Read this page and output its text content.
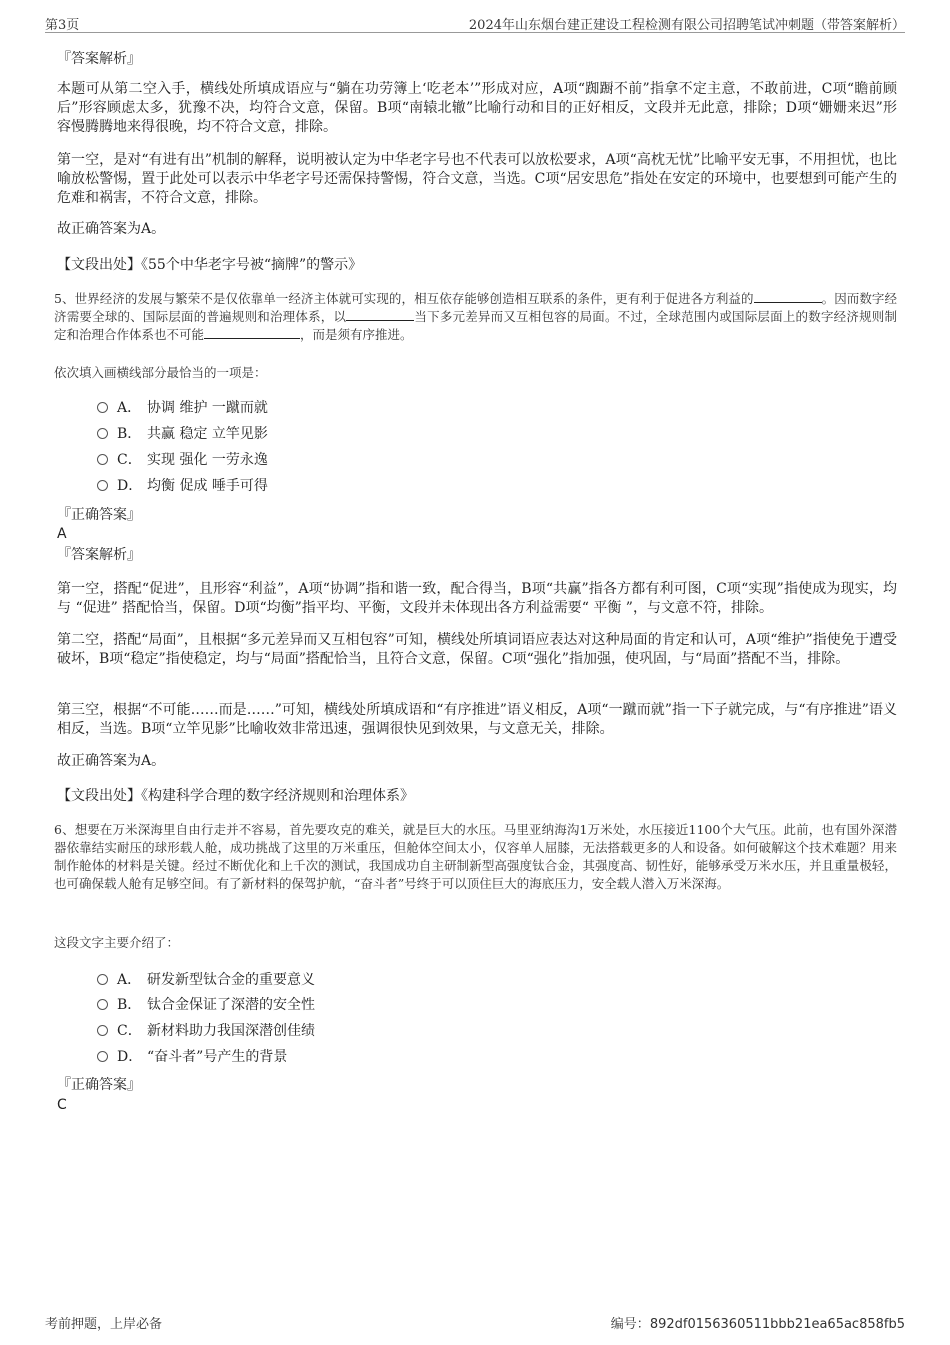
第3页	2024年山东烟台建正建设工程检测有限公司招聘笔试冲刺题（带答案解析）
『答案解析』

本题可从第二空入手，横线处所填成语应与“躺在功劳簿上‘吃老本’”形成对应，A项“踟蹰不前”指拿不定主意，不敢前进，C项“瞻前顾后”形容顾虑太多，犹豫不决，均符合文意，保留。B项“南辕北辙”比喻行动和目的正好相反，文段并无此意，排除；D项“姗姗来迟”形容慢腾腾地来得很晚，均不符合文意，排除。

第一空，是对“有进有出”机制的解释，说明被认定为中华老字号也不代表可以放松要求，A项“高枕无忧”比喻平安无事，不用担忧，也比喻放松警惕，置于此处可以表示中华老字号还需保持警惕，符合文意，当选。C项“居安思危”指处在安定的环境中，也要想到可能产生的危难和祸害，不符合文意，排除。

故正确答案为A。
【文段出处】《55个中华老字号被“摘牌”的警示》

5、世界经济的发展与繁荣不是仅依靠单一经济主体就可实现的，相互依存能够创造相互联系的条件，更有利于促进各方利益的	。因而数字经济需要全球的、国际层面的普遍规则和治理体系，以	当下多元差异而又互相包容的局面。不过，全球范围内或国际层面上的数字经济规则制定和治理合作体系也不可能	，而是须有序推进。

依次填入画横线部分最恰当的一项是：
A． 协调 维护 一蹴而就
B． 共赢 稳定 立竿见影
C． 实现 强化 一劳永逸
D． 均衡 促成 唾手可得
『正确答案』
A
『答案解析』

第一空，搭配“促进”，且形容“利益”，A项“协调”指和谐一致，配合得当，B项“共赢”指各方都有利可图，C项“实现”指使成为现实，均与 “促进” 搭配恰当，保留。D项“均衡”指平均、平衡，文段并未体现出各方利益需要“ 平衡 ”，与文意不符，排除。

第二空，搭配“局面”，且根据“多元差异而又互相包容”可知，横线处所填词语应表达对这种局面的肯定和认可，A项“维护”指使免于遭受破坏，B项“稳定”指使稳定，均与“局面”搭配恰当，且符合文意，保留。C项“强化”指加强，使巩固，与“局面”搭配不当，排除。

第三空，根据“不可能……而是……”可知，横线处所填成语和“有序推进”语义相反，A项“一蹴而就”指一下子就完成，与“有序推进”语义相反，当选。B项“立竿见影”比喻收效非常迅速，强调很快见到效果，与文意无关，排除。

故正确答案为A。
【文段出处】《构建科学合理的数字经济规则和治理体系》

6、想要在万米深海里自由行走并不容易，首先要攻克的难关，就是巨大的水压。马里亚纳海沟1万米处，水压接近1100个大气压。此前，也有国外深潜器依靠结实耐压的球形载人舱，成功挑战了这里的万米重压，但舱体空间太小，仅容单人屈膝，无法搭载更多的人和设备。如何破解这个技术难题？用来制作舱体的材料是关键。经过不断优化和上千次的测试，我国成功自主研制新型高强度钛合金，其强度高、韧性好，能够承受万米水压，并且重量极轻，也可确保载人舱有足够空间。有了新材料的保驾护航，“奋斗者”号终于可以顶住巨大的海底压力，安全载人潜入万米深海。

这段文字主要介绍了：
A． 研发新型钛合金的重要意义
B． 钛合金保证了深潜的安全性
C． 新材料助力我国深潜创佳绩
D． “奋斗者”号产生的背景
『正确答案』
C
考前押题，上岸必备	编号：892df0156360511bbb21ea65ac858fb5
